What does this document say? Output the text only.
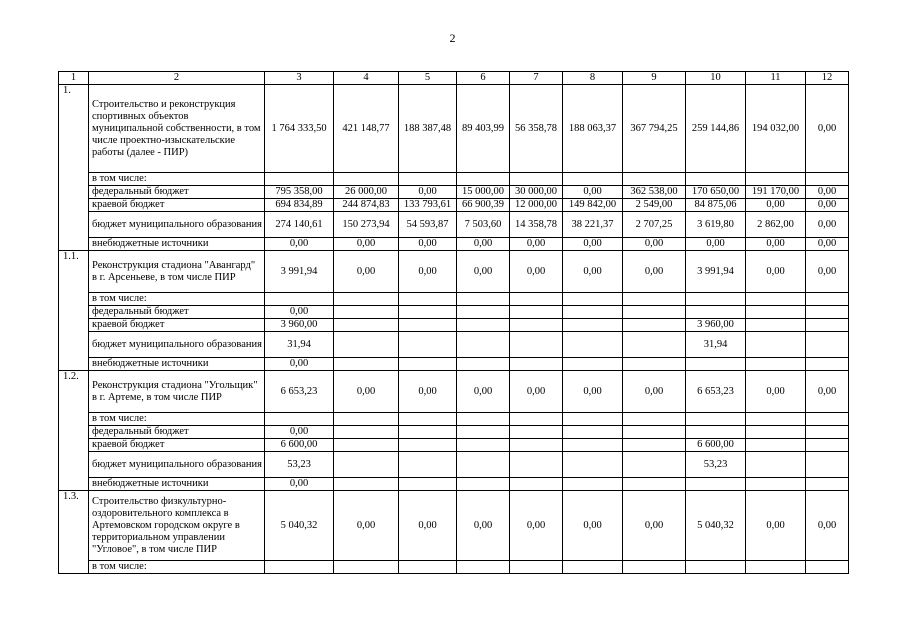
2
1	2	3	4	5	6	7	8	9	10	11	12
1.	Строительство и реконструкция спортивных объектов муниципальной собственности, в том числе проектно-изыскательские работы (далее - ПИР)	1 764 333,50	421 148,77	188 387,48	89 403,99	56 358,78	188 063,37	367 794,25	259 144,86	194 032,00	0,00
	в том числе:										
	федеральный бюджет	795 358,00	26 000,00	0,00	15 000,00	30 000,00	0,00	362 538,00	170 650,00	191 170,00	0,00
	краевой бюджет	694 834,89	244 874,83	133 793,61	66 900,39	12 000,00	149 842,00	2 549,00	84 875,06	0,00	0,00
	бюджет муниципального образования	274 140,61	150 273,94	54 593,87	7 503,60	14 358,78	38 221,37	2 707,25	3 619,80	2 862,00	0,00
	внебюджетные источники	0,00	0,00	0,00	0,00	0,00	0,00	0,00	0,00	0,00	0,00
1.1.	Реконструкция стадиона "Авангард" в г. Арсеньеве, в том числе ПИР	3 991,94	0,00	0,00	0,00	0,00	0,00	0,00	3 991,94	0,00	0,00
	в том числе:										
	федеральный бюджет	0,00									
	краевой бюджет	3 960,00							3 960,00		
	бюджет муниципального образования	31,94							31,94		
	внебюджетные источники	0,00									
1.2.	Реконструкция стадиона "Угольщик" в г. Артеме, в том числе ПИР	6 653,23	0,00	0,00	0,00	0,00	0,00	0,00	6 653,23	0,00	0,00
	в том числе:										
	федеральный бюджет	0,00									
	краевой бюджет	6 600,00							6 600,00		
	бюджет муниципального образования	53,23							53,23		
	внебюджетные источники	0,00									
1.3.	Строительство физкультурно-оздоровительного комплекса в Артемовском городском округе в территориальном управлении "Угловое", в том числе ПИР	5 040,32	0,00	0,00	0,00	0,00	0,00	0,00	5 040,32	0,00	0,00
	в том числе:										
